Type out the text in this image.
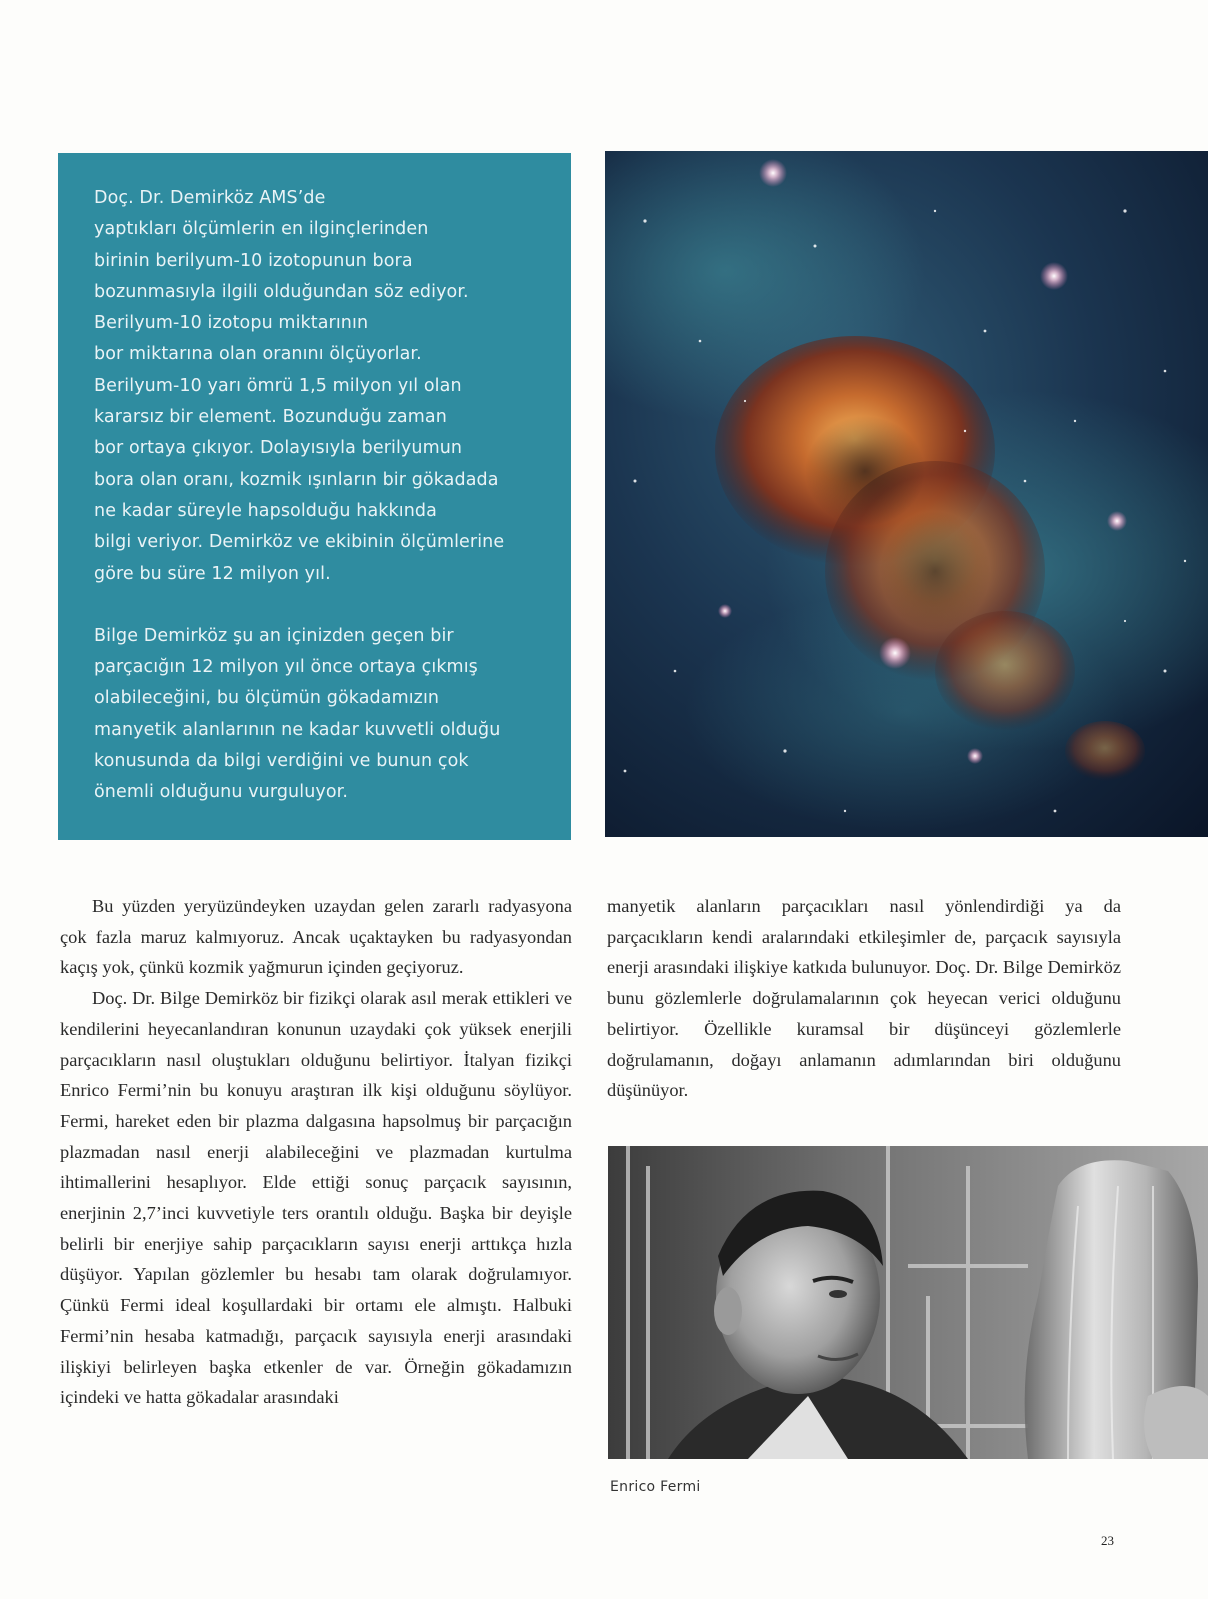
Doç. Dr. Demirköz AMS’de
yaptıkları ölçümlerin en ilginçlerinden
birinin berilyum-10 izotopunun bora
bozunmasıyla ilgili olduğundan söz ediyor.
Berilyum-10 izotopu miktarının
bor miktarına olan oranını ölçüyorlar.
Berilyum-10 yarı ömrü 1,5 milyon yıl olan
kararsız bir element. Bozunduğu zaman
bor ortaya çıkıyor. Dolayısıyla berilyumun
bora olan oranı, kozmik ışınların bir gökadada
ne kadar süreyle hapsolduğu hakkında
bilgi veriyor. Demirköz ve ekibinin ölçümlerine
göre bu süre 12 milyon yıl.

Bilge Demirköz şu an içinizden geçen bir
parçacığın 12 milyon yıl önce ortaya çıkmış
olabileceğini, bu ölçümün gökadamızın
manyetik alanlarının ne kadar kuvvetli olduğu
konusunda da bilgi verdiğini ve bunun çok
önemli olduğunu vurguluyor.

Bu yüzden yeryüzündeyken uzaydan gelen zararlı radyasyona çok fazla maruz kalmıyoruz. Ancak uçaktayken bu radyasyondan kaçış yok, çünkü kozmik yağmurun içinden geçiyoruz.

Doç. Dr. Bilge Demirköz bir fizikçi olarak asıl merak ettikleri ve kendilerini heyecanlandıran konunun uzaydaki çok yüksek enerjili parçacıkların nasıl oluştukları olduğunu belirtiyor. İtalyan fizikçi Enrico Fermi’nin bu konuyu araştıran ilk kişi olduğunu söylüyor. Fermi, hareket eden bir plazma dalgasına hapsolmuş bir parçacığın plazmadan nasıl enerji alabileceğini ve plazmadan kurtulma ihtimallerini hesaplıyor. Elde ettiği sonuç parçacık sayısının, enerjinin 2,7’inci kuvvetiyle ters orantılı olduğu. Başka bir deyişle belirli bir enerjiye sahip parçacıkların sayısı enerji arttıkça hızla düşüyor. Yapılan gözlemler bu hesabı tam olarak doğrulamıyor. Çünkü Fermi ideal koşullardaki bir ortamı ele almıştı. Halbuki Fermi’nin hesaba katmadığı, parçacık sayısıyla enerji arasındaki ilişkiyi belirleyen başka etkenler de var. Örneğin gökadamızın içindeki ve hatta gökadalar arasındaki

manyetik alanların parçacıkları nasıl yönlendirdiği ya da parçacıkların kendi aralarındaki etkileşimler de, parçacık sayısıyla enerji arasındaki ilişkiye katkıda bulunuyor. Doç. Dr. Bilge Demirköz bunu gözlemlerle doğrulamalarının çok heyecan verici olduğunu belirtiyor. Özellikle kuramsal bir düşünceyi gözlemlerle doğrulamanın, doğayı anlamanın adımlarından biri olduğunu düşünüyor.

Enrico Fermi
23
